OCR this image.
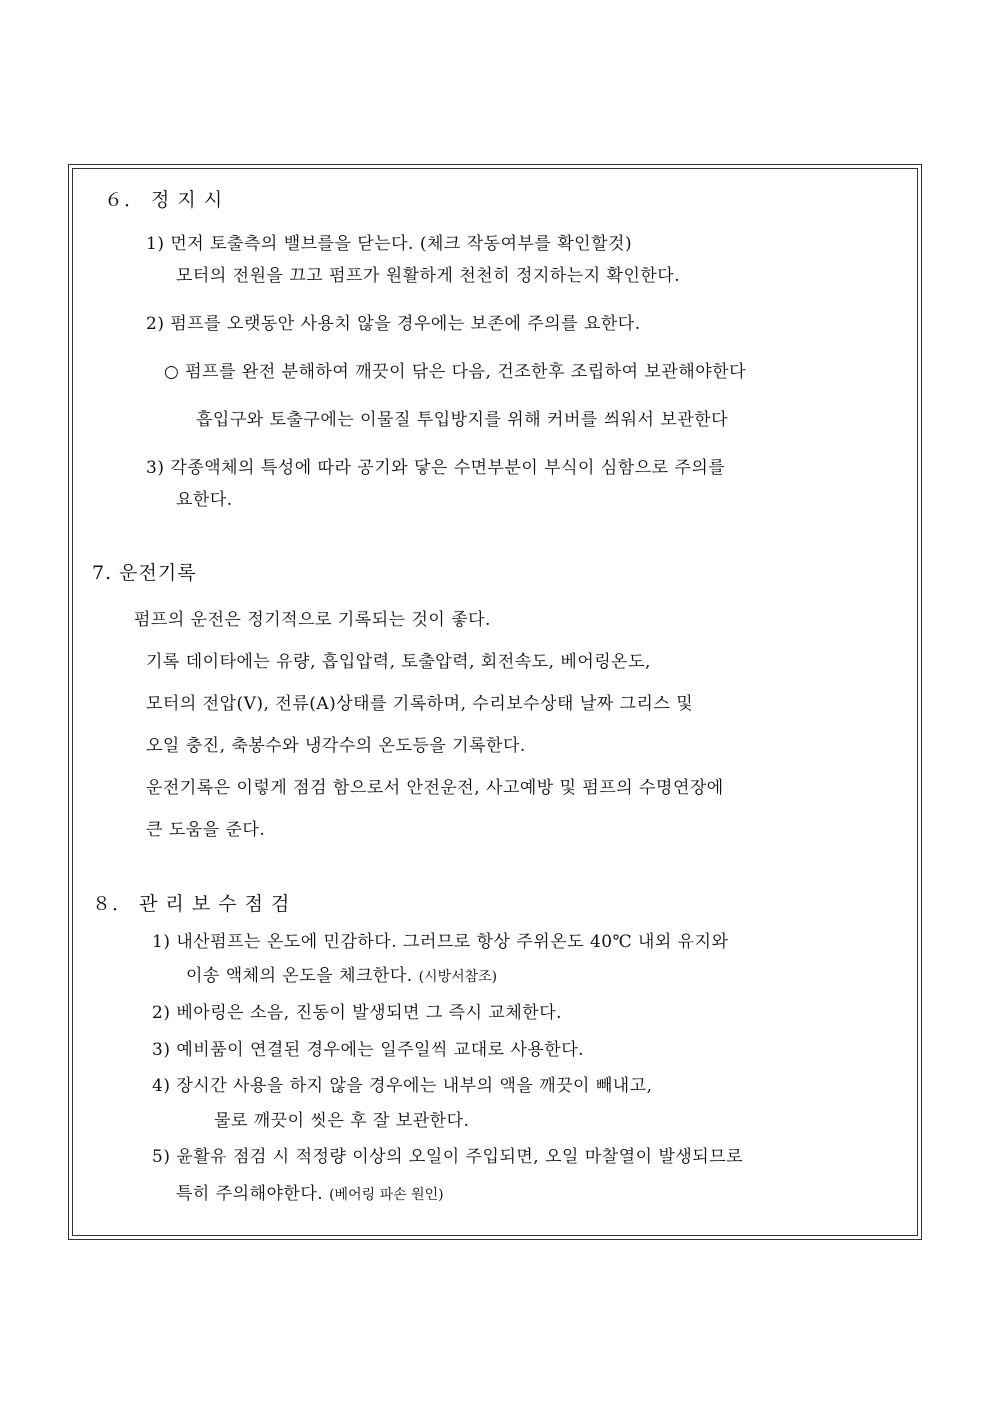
６． 정 지 시
1) 먼저 토출측의 밸브를을 닫는다. (체크 작동여부를 확인할것)
모터의 전원을 끄고 펌프가 원활하게 천천히 정지하는지 확인한다.
2) 펌프를 오랫동안 사용치 않을 경우에는 보존에 주의를 요한다.
○ 펌프를 완전 분해하여 깨끗이 닦은 다음, 건조한후 조립하여 보관해야한다
흡입구와 토출구에는 이물질 투입방지를 위해 커버를 씌워서 보관한다
3) 각종액체의 특성에 따라 공기와 닿은 수면부분이 부식이 심함으로 주의를
요한다.
7. 운전기록
펌프의 운전은 정기적으로 기록되는 것이 좋다.
기록 데이타에는 유량, 흡입압력, 토출압력, 회전속도, 베어링온도,
모터의 전압(V), 전류(A)상태를 기록하며, 수리보수상태 날짜 그리스 및
오일 충진, 축봉수와 냉각수의 온도등을 기록한다.
운전기록은 이렇게 점검 함으로서 안전운전, 사고예방 및 펌프의 수명연장에
큰 도움을 준다.
８． 관 리 보 수 점 검
1) 내산펌프는 온도에 민감하다. 그러므로 항상 주위온도 40℃ 내외 유지와
이송 액체의 온도을 체크한다. (시방서참조)
2) 베아링은 소음, 진동이 발생되면 그 즉시 교체한다.
3) 예비품이 연결된 경우에는 일주일씩 교대로 사용한다.
4) 장시간 사용을 하지 않을 경우에는 내부의 액을 깨끗이 빼내고,
물로 깨끗이 씻은 후 잘 보관한다.
5) 윤활유 점검 시 적정량 이상의 오일이 주입되면, 오일 마찰열이 발생되므로
특히 주의해야한다. (베어링 파손 원인)
